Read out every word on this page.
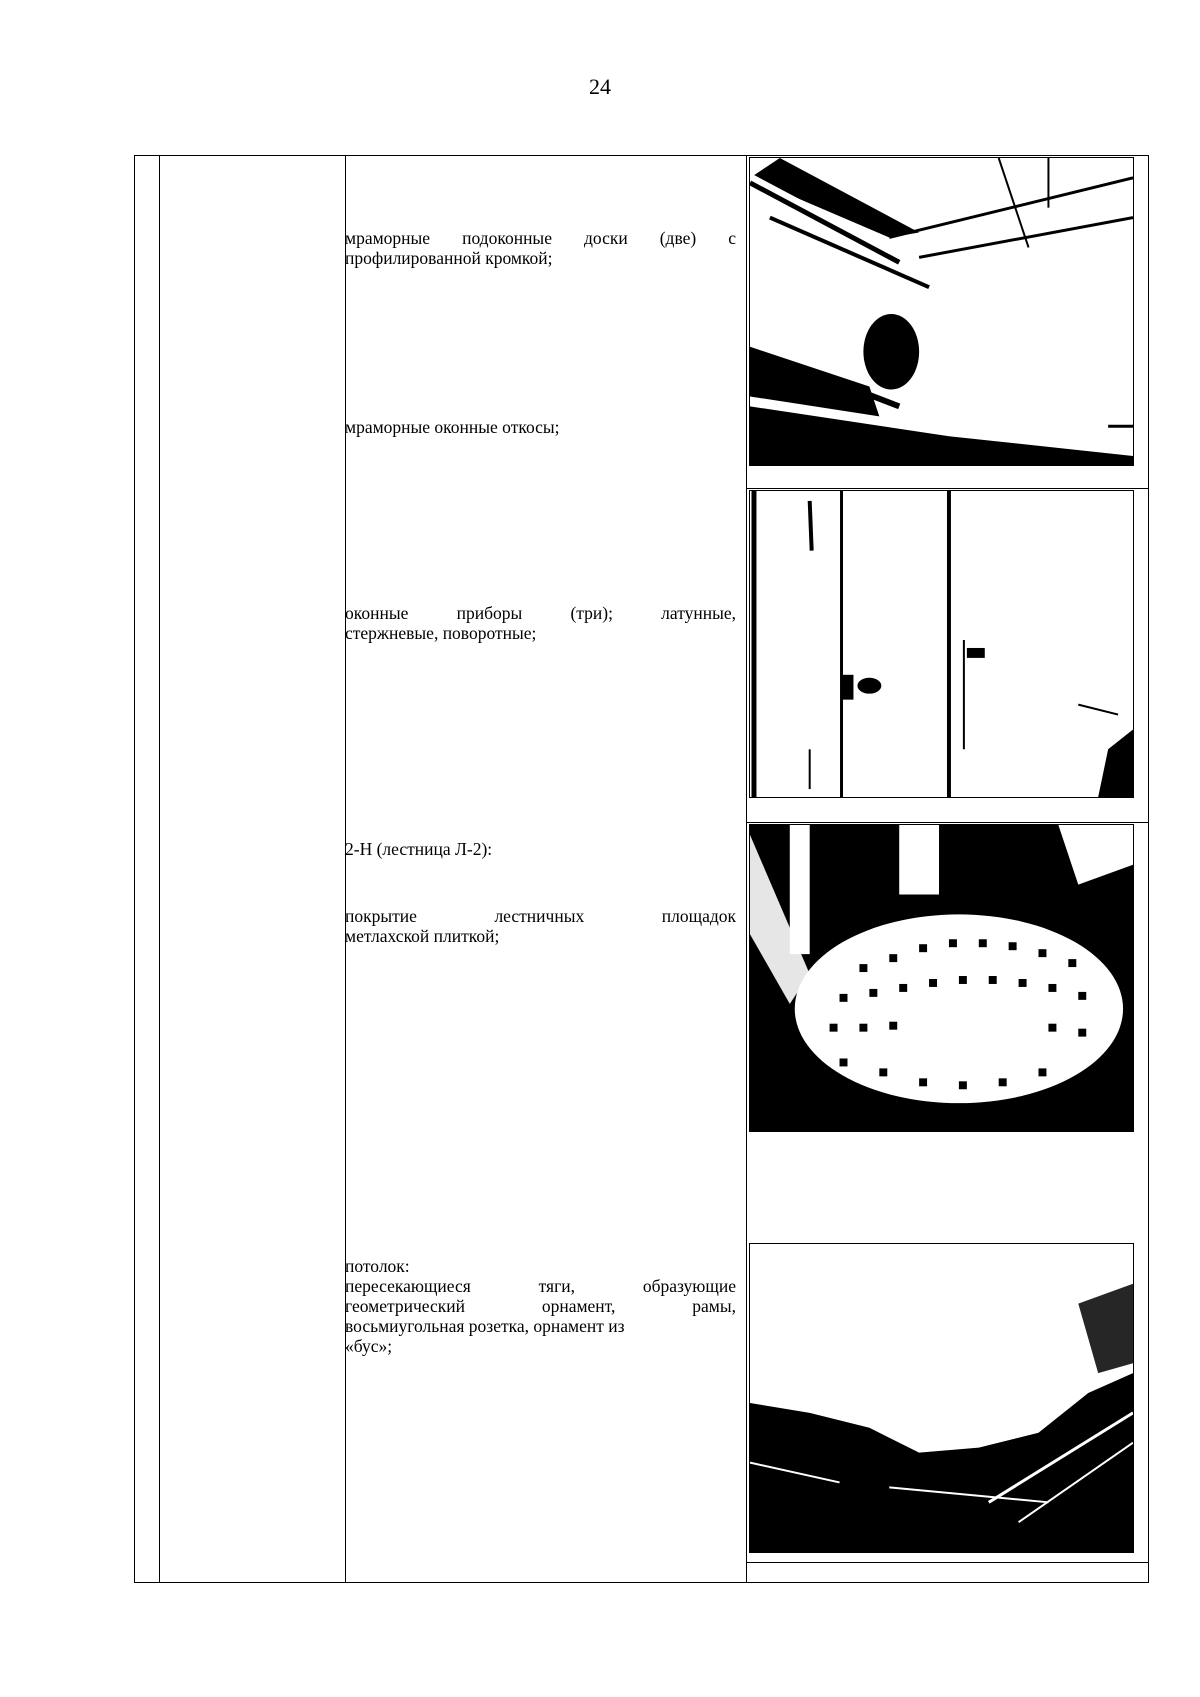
24
мраморные подоконные доски (две) с
профилированной кромкой;
мраморные оконные откосы;
оконные приборы (три); латунные,
стержневые, поворотные;
2-Н (лестница Л-2):
покрытие лестничных площадок
метлахской плиткой;
потолок:
пересекающиеся тяги, образующие
геометрический орнамент, рамы,
восьмиугольная розетка, орнамент из
«бус»;
